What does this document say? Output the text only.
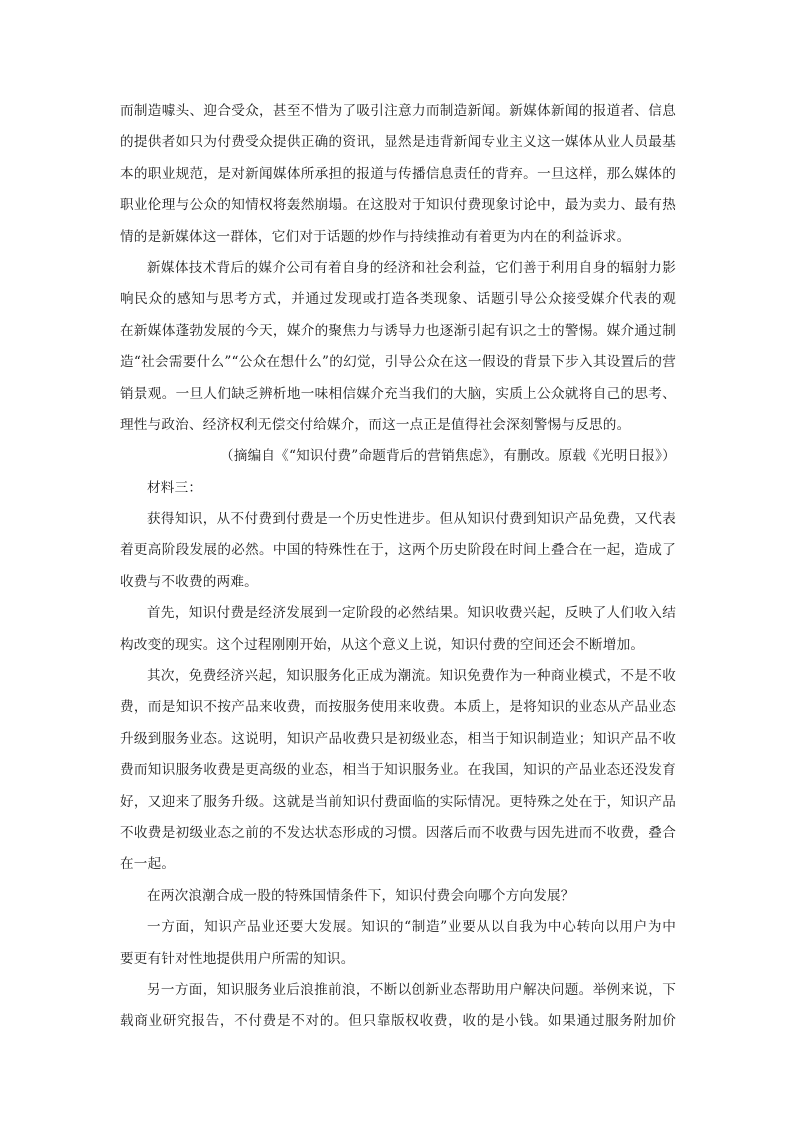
而制造噱头、迎合受众，甚至不惜为了吸引注意力而制造新闻。新媒体新闻的报道者、信息
的提供者如只为付费受众提供正确的资讯，显然是违背新闻专业主义这一媒体从业人员最基
本的职业规范，是对新闻媒体所承担的报道与传播信息责任的背弃。一旦这样，那么媒体的
职业伦理与公众的知情权将轰然崩塌。在这股对于知识付费现象讨论中，最为卖力、最有热
情的是新媒体这一群体，它们对于话题的炒作与持续推动有着更为内在的利益诉求。
新媒体技术背后的媒介公司有着自身的经济和社会利益，它们善于利用自身的辐射力影
响民众的感知与思考方式，并通过发现或打造各类现象、话题引导公众接受媒介代表的观
在新媒体蓬勃发展的今天，媒介的聚焦力与诱导力也逐渐引起有识之士的警惕。媒介通过制
造“社会需要什么”“公众在想什么”的幻觉，引导公众在这一假设的背景下步入其设置后的营
销景观。一旦人们缺乏辨析地一味相信媒介充当我们的大脑，实质上公众就将自己的思考、
理性与政治、经济权利无偿交付给媒介，而这一点正是值得社会深刻警惕与反思的。
（摘编自《“知识付费”命题背后的营销焦虑》，有删改。原载《光明日报》）
材料三：
获得知识，从不付费到付费是一个历史性进步。但从知识付费到知识产品免费，又代表
着更高阶段发展的必然。中国的特殊性在于，这两个历史阶段在时间上叠合在一起，造成了
收费与不收费的两难。
首先，知识付费是经济发展到一定阶段的必然结果。知识收费兴起，反映了人们收入结
构改变的现实。这个过程刚刚开始，从这个意义上说，知识付费的空间还会不断增加。
其次，免费经济兴起，知识服务化正成为潮流。知识免费作为一种商业模式，不是不收
费，而是知识不按产品来收费，而按服务使用来收费。本质上，是将知识的业态从产品业态
升级到服务业态。这说明，知识产品收费只是初级业态，相当于知识制造业；知识产品不收
费而知识服务收费是更高级的业态，相当于知识服务业。在我国，知识的产品业态还没发育
好，又迎来了服务升级。这就是当前知识付费面临的实际情况。更特殊之处在于，知识产品
不收费是初级业态之前的不发达状态形成的习惯。因落后而不收费与因先进而不收费，叠合
在一起。
在两次浪潮合成一股的特殊国情条件下，知识付费会向哪个方向发展？
一方面，知识产品业还要大发展。知识的“制造”业要从以自我为中心转向以用户为中
要更有针对性地提供用户所需的知识。
另一方面，知识服务业后浪推前浪，不断以创新业态帮助用户解决问题。举例来说，下
载商业研究报告，不付费是不对的。但只靠版权收费，收的是小钱。如果通过服务附加价
